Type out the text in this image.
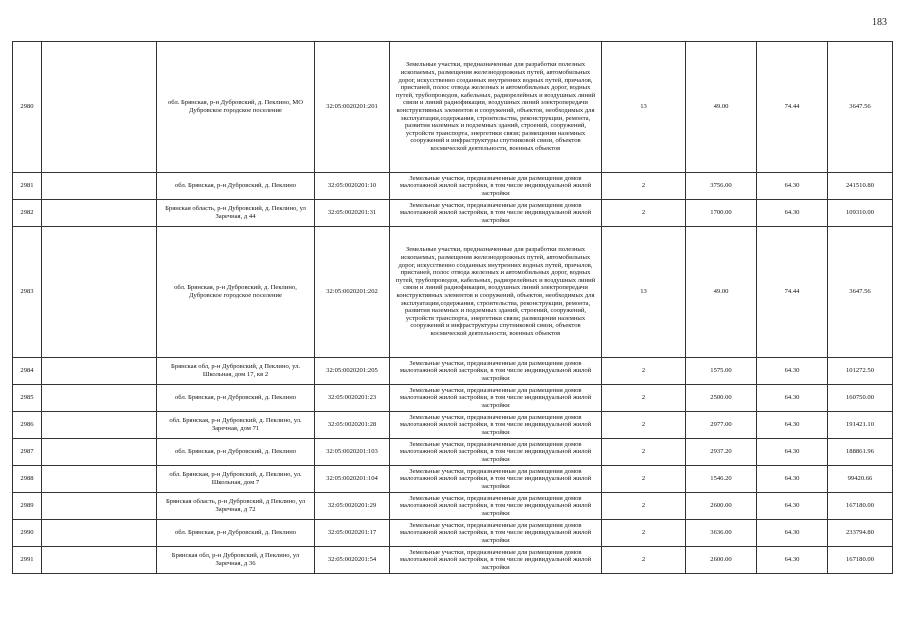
183
2980		обл. Брянская, р-н Дубровский, д. Пеклино, МО Дубровское городское поселение	32:05:0020201:201	Земельные участки, предназначенные для разработки полезных ископаемых, размещения железнодорожных путей, автомобильных дорог, искусственно созданных внутренних водных путей, причалов, пристаней, полос отвода железных и автомобильных дорог, водных путей, трубопроводов, кабельных, радиорелейных и воздушных линий связи и линий радиофикации, воздушных линий электропередачи конструктивных элементов и сооружений, объектов, необходимых для эксплуатации,содержания, строительства, реконструкции, ремонта, развития наземных и подземных зданий, строений, сооружений, устройств транспорта, энергетики связи; размещения наземных сооружений и инфраструктуры спутниковой связи, объектов космической деятельности, военных объектов	13	49.00	74.44	3647.56
2981		обл. Брянская, р-н Дубровский, д. Пеклино	32:05:0020201:10	Земельные участки, предназначенные для размещения домов малоэтажной жилой застройки, в том числе индивидуальной жилой застройки	2	3756.00	64.30	241510.80
2982		Брянская область, р-н Дубровский, д. Пеклино, ул Заречная, д 44	32:05:0020201:31	Земельные участки, предназначенные для размещения домов малоэтажной жилой застройки, в том числе индивидуальной жилой застройки	2	1700.00	64.30	109310.00
2983		обл. Брянская, р-н Дубровский, д. Пеклино, Дубровское городское поселение	32:05:0020201:202	Земельные участки, предназначенные для разработки полезных ископаемых, размещения железнодорожных путей, автомобильных дорог, искусственно созданных внутренних водных путей, причалов, пристаней, полос отвода железных и автомобильных дорог, водных путей, трубопроводов, кабельных, радиорелейных и воздушных линий связи и линий радиофикации, воздушных линий электропередачи конструктивных элементов и сооружений, объектов, необходимых для эксплуатации,содержания, строительства, реконструкции, ремонта, развития наземных и подземных зданий, строений, сооружений, устройств транспорта, энергетики связи; размещения наземных сооружений и инфраструктуры спутниковой связи, объектов космической деятельности, военных объектов	13	49.00	74.44	3647.56
2984		Брянская обл, р-н Дубровский, д Пеклино, ул. Школьная, дом 17, кв 2	32:05:0020201:205	Земельные участки, предназначенные для размещения домов малоэтажной жилой застройки, в том числе индивидуальной жилой застройки	2	1575.00	64.30	101272.50
2985		обл. Брянская, р-н Дубровский, д. Пеклино	32:05:0020201:23	Земельные участки, предназначенные для размещения домов малоэтажной жилой застройки, в том числе индивидуальной жилой застройки	2	2500.00	64.30	160750.00
2986		обл. Брянская, р-н Дубровский, д. Пеклино, ул. Заречная, дом 71	32:05:0020201:28	Земельные участки, предназначенные для размещения домов малоэтажной жилой застройки, в том числе индивидуальной жилой застройки	2	2977.00	64.30	191421.10
2987		обл. Брянская, р-н Дубровский, д. Пеклино	32:05:0020201:103	Земельные участки, предназначенные для размещения домов малоэтажной жилой застройки, в том числе индивидуальной жилой застройки	2	2937.20	64.30	188861.96
2988		обл. Брянская, р-н Дубровский, д. Пеклино, ул. Школьная, дом 7	32:05:0020201:104	Земельные участки, предназначенные для размещения домов малоэтажной жилой застройки, в том числе индивидуальной жилой застройки	2	1546.20	64.30	99420.66
2989		Брянская область, р-н Дубровский, д Пеклино, ул Заречная, д 72	32:05:0020201:29	Земельные участки, предназначенные для размещения домов малоэтажной жилой застройки, в том числе индивидуальной жилой застройки	2	2600.00	64.30	167180.00
2990		обл. Брянская, р-н Дубровский, д. Пеклино	32:05:0020201:17	Земельные участки, предназначенные для размещения домов малоэтажной жилой застройки, в том числе индивидуальной жилой застройки	2	3636.00	64.30	233794.80
2991		Брянская обл, р-н Дубровский, д Пеклино, ул Заречная, д 36	32:05:0020201:54	Земельные участки, предназначенные для размещения домов малоэтажной жилой застройки, в том числе индивидуальной жилой застройки	2	2600.00	64.30	167180.00
